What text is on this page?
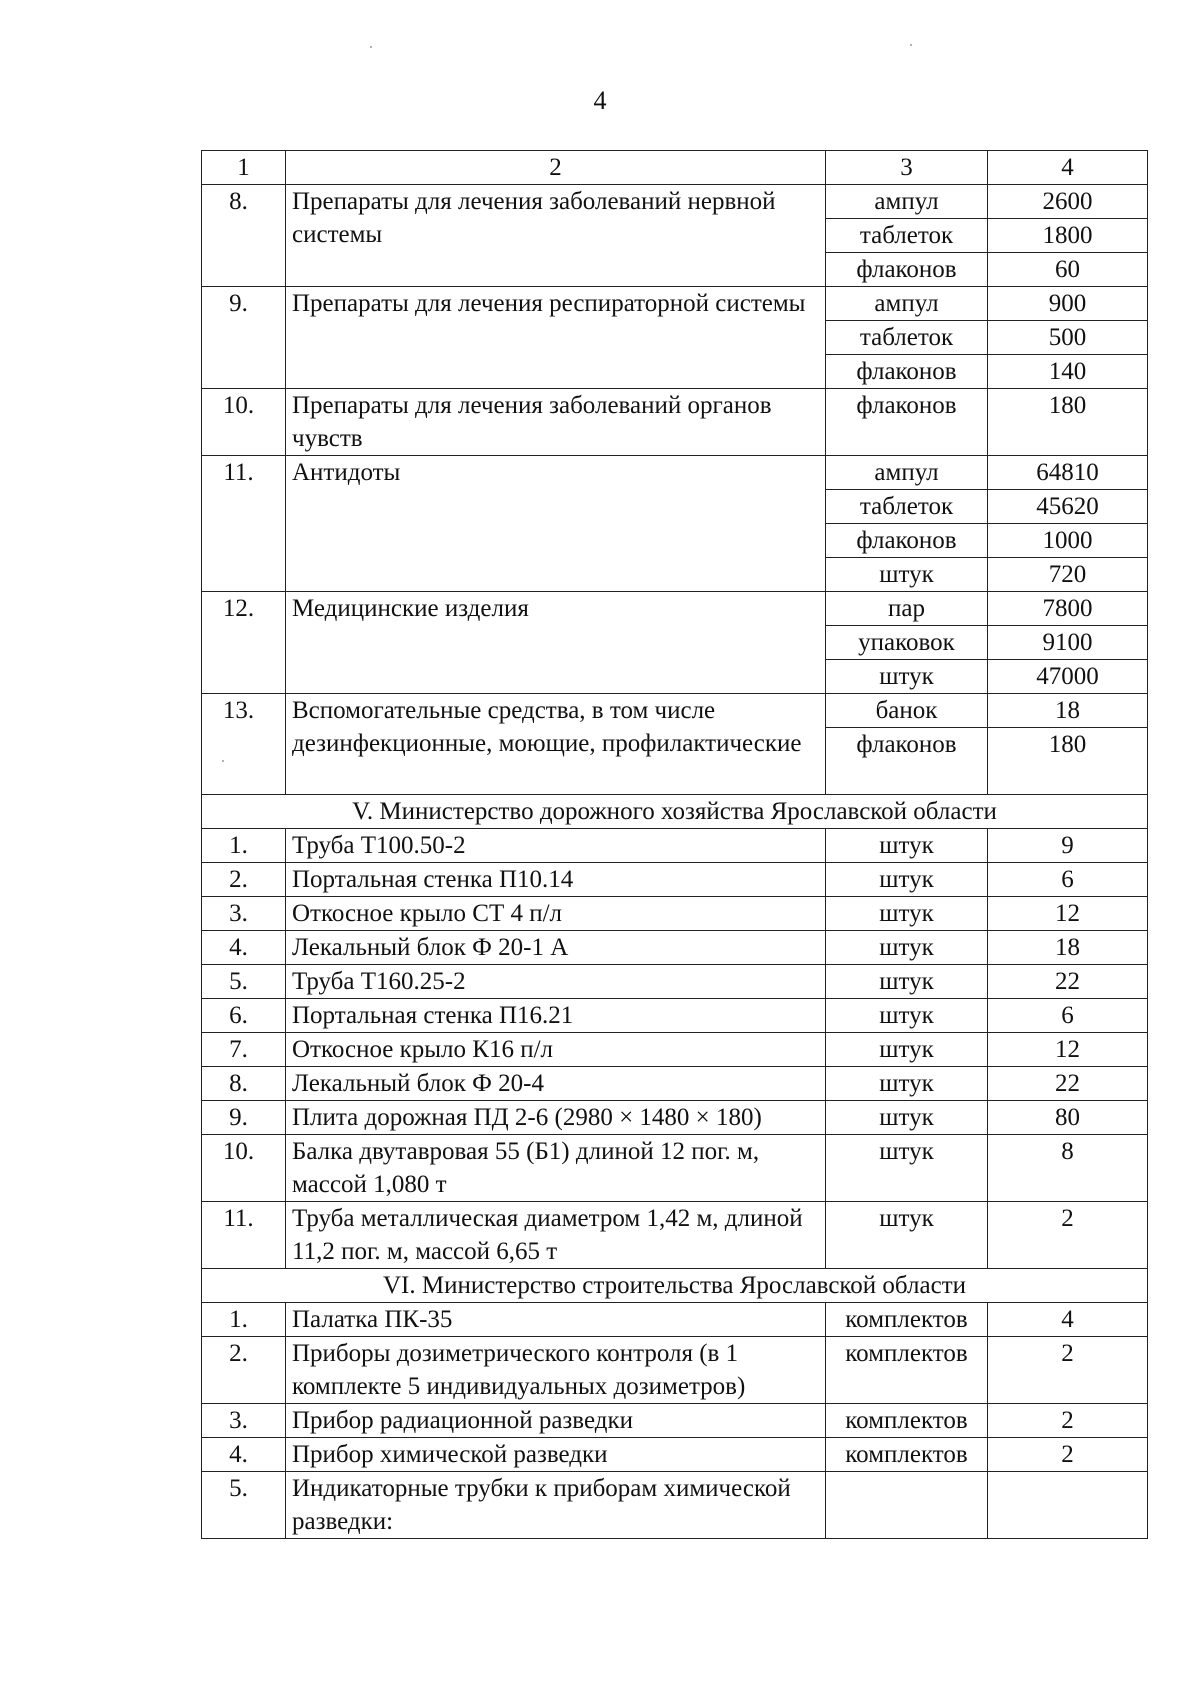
4
1	2	3	4
8.	Препараты для лечения заболеваний нервной системы	ампул	2600
		таблеток	1800
		флаконов	60
9.	Препараты для лечения респираторной системы	ампул	900
		таблеток	500
		флаконов	140
10.	Препараты для лечения заболеваний органов чувств	флаконов	180
11.	Антидоты	ампул	64810
		таблеток	45620
		флаконов	1000
		штук	720
12.	Медицинские изделия	пар	7800
		упаковок	9100
		штук	47000
13.	Вспомогательные средства, в том числе дезинфекционные, моющие, профилактические	банок	18
		флаконов	180
V. Министерство дорожного хозяйства Ярославской области			
1.	Труба Т100.50-2	штук	9
2.	Портальная стенка П10.14	штук	6
3.	Откосное крыло СТ 4 п/л	штук	12
4.	Лекальный блок Ф 20-1 А	штук	18
5.	Труба Т160.25-2	штук	22
6.	Портальная стенка П16.21	штук	6
7.	Откосное крыло К16 п/л	штук	12
8.	Лекальный блок Ф 20-4	штук	22
9.	Плита дорожная ПД 2-6 (2980 × 1480 × 180)	штук	80
10.	Балка двутавровая 55 (Б1) длиной 12 пог. м, массой 1,080 т	штук	8
11.	Труба металлическая диаметром 1,42 м, длиной 11,2 пог. м, массой 6,65 т	штук	2
VI. Министерство строительства Ярославской области			
1.	Палатка ПК-35	комплектов	4
2.	Приборы дозиметрического контроля (в 1 комплекте 5 индивидуальных дозиметров)	комплектов	2
3.	Прибор радиационной разведки	комплектов	2
4.	Прибор химической разведки	комплектов	2
5.	Индикаторные трубки к приборам химической разведки:		
